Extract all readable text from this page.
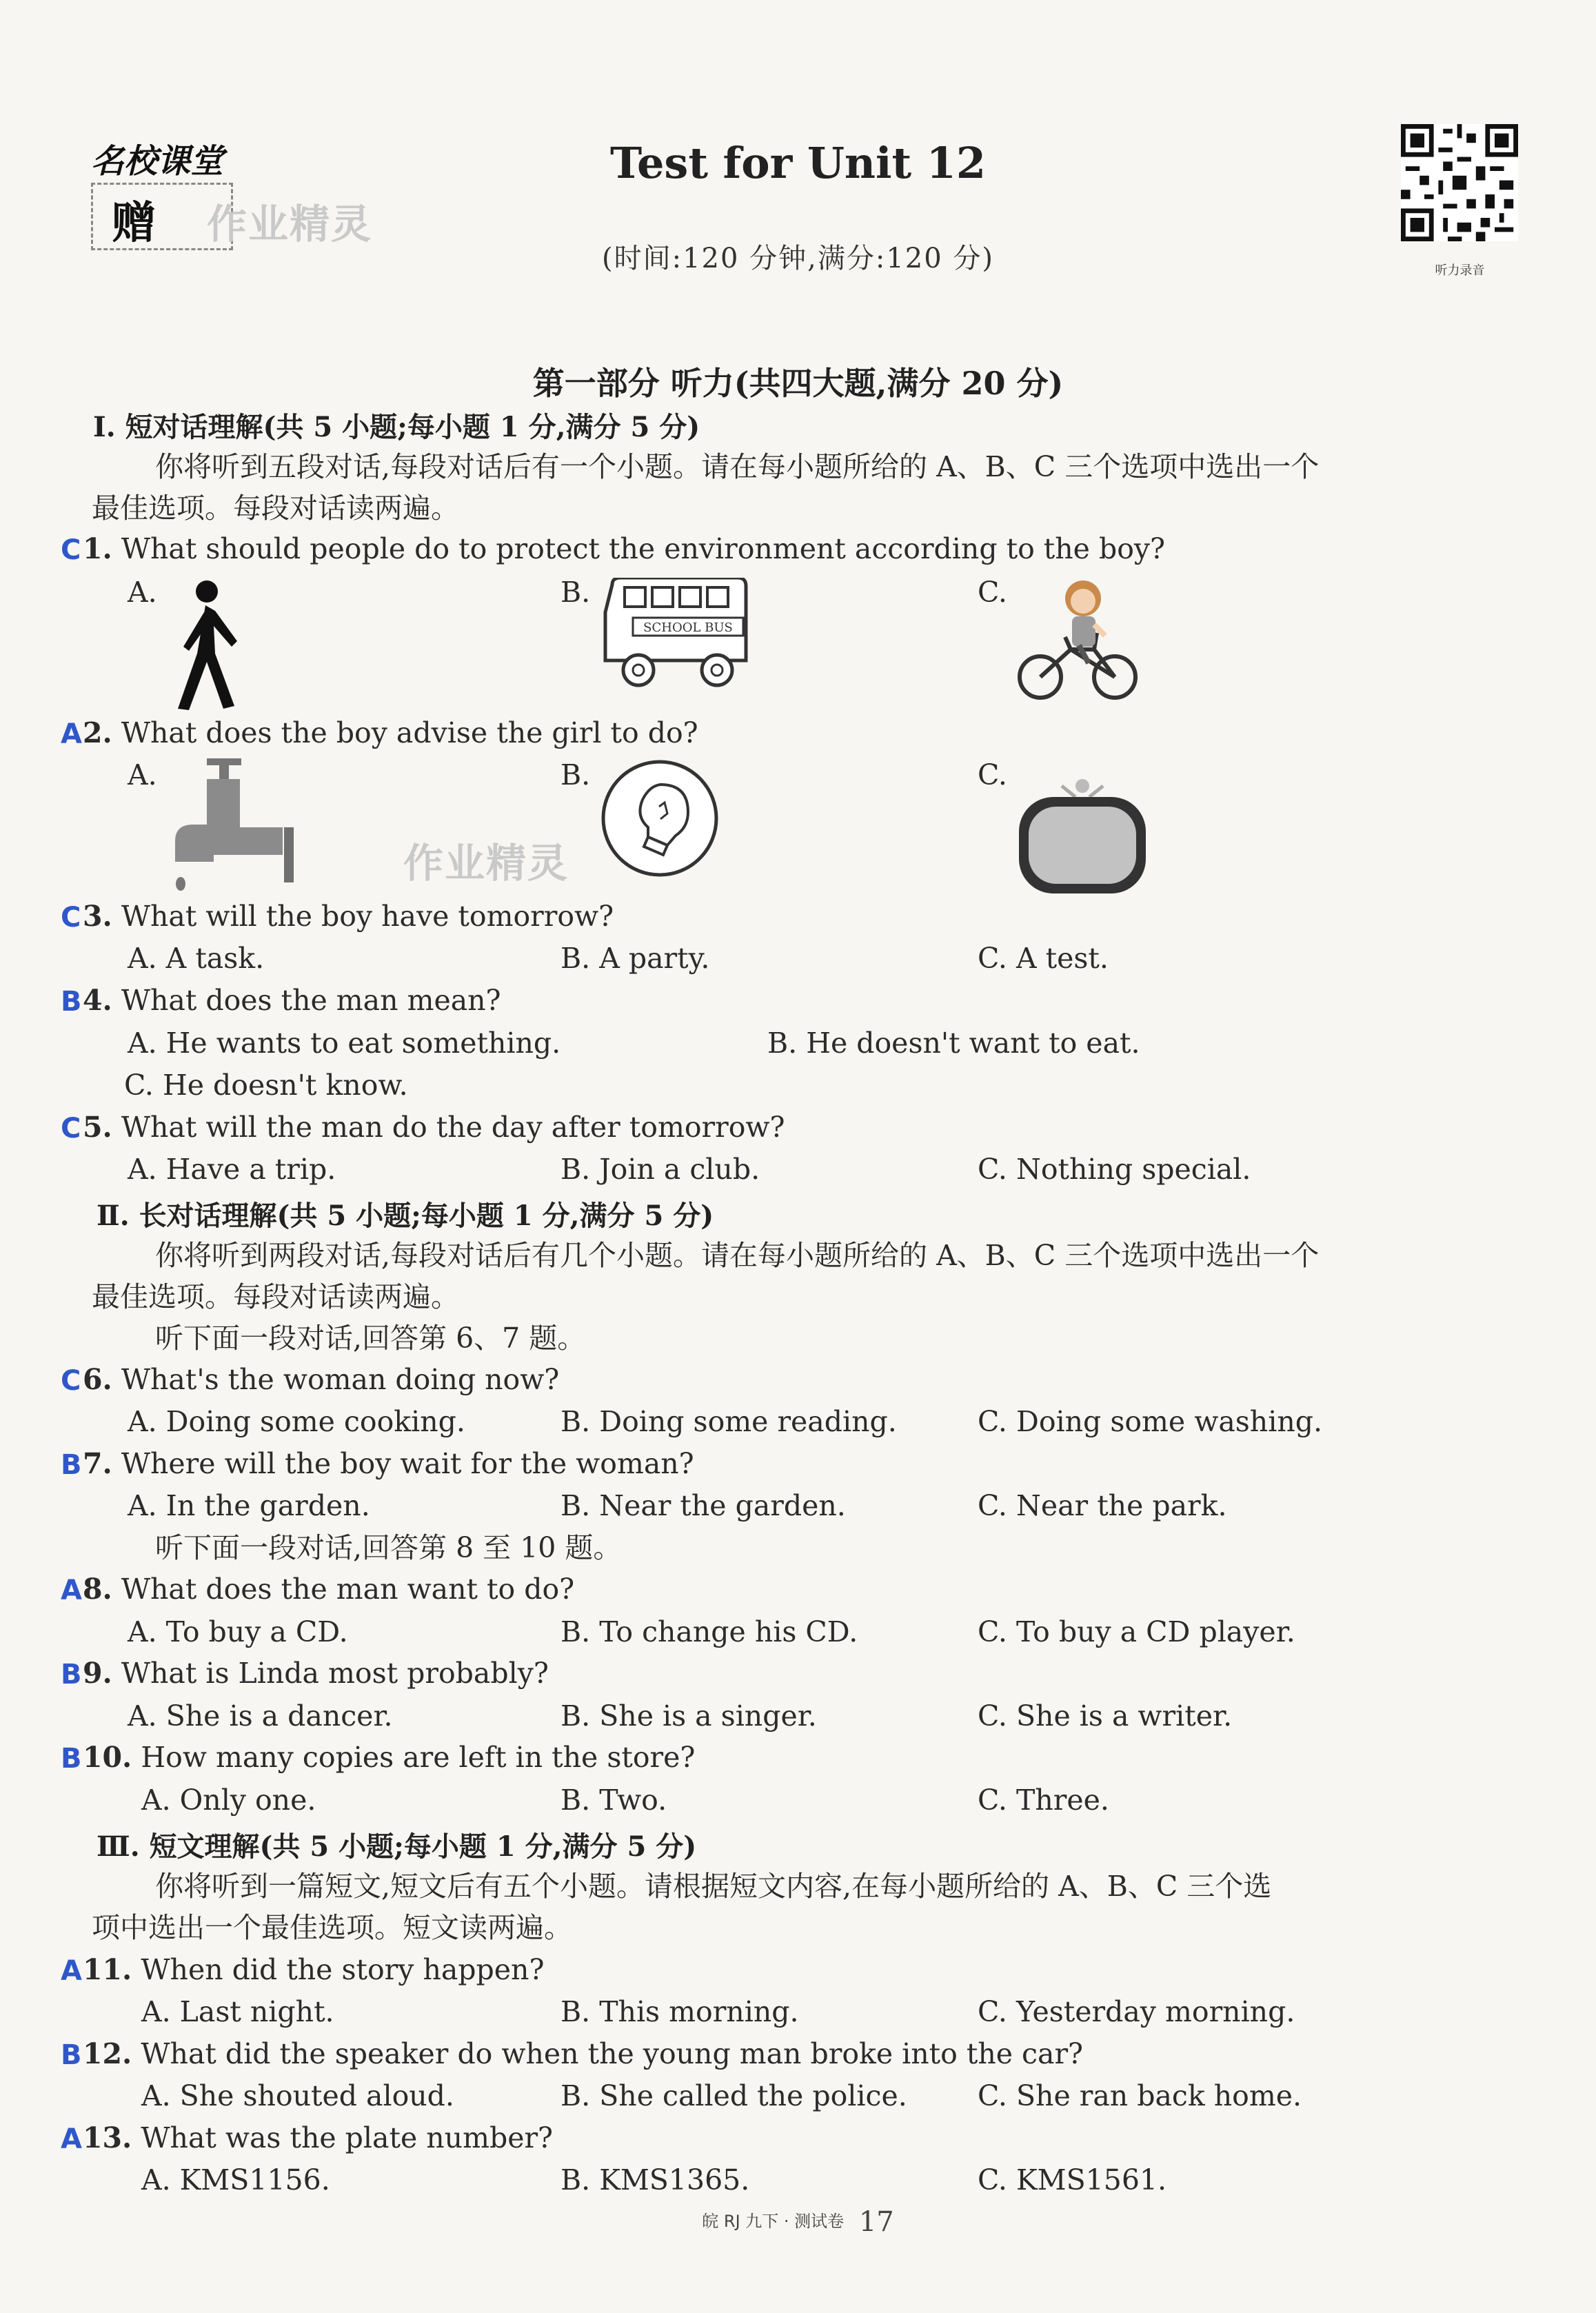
名校课堂
赠 作业精灵
Test for Unit 12
(时间:120 分钟,满分:120 分)	听力录音
第一部分 听力(共四大题,满分 20 分)
Ⅰ. 短对话理解(共 5 小题;每小题 1 分,满分 5 分)
你将听到五段对话,每段对话后有一个小题。请在每小题所给的 A、B、C 三个选项中选出一个
最佳选项。每段对话读两遍。
C 1. What should people do to protect the environment according to the boy?
A.	B.	C.
SCHOOL BUS
A 2. What does the boy advise the girl to do?
A.	B.	C.
作业精灵
C 3. What will the boy have tomorrow?
A. A task.	B. A party.	C. A test.
B 4. What does the man mean?
A. He wants to eat something.	B. He doesn't want to eat.
C. He doesn't know.
C 5. What will the man do the day after tomorrow?
A. Have a trip.	B. Join a club.	C. Nothing special.
Ⅱ. 长对话理解(共 5 小题;每小题 1 分,满分 5 分)
你将听到两段对话,每段对话后有几个小题。请在每小题所给的 A、B、C 三个选项中选出一个
最佳选项。每段对话读两遍。
听下面一段对话,回答第 6、7 题。
C 6. What's the woman doing now?
A. Doing some cooking.	B. Doing some reading.	C. Doing some washing.
B 7. Where will the boy wait for the woman?
A. In the garden.	B. Near the garden.	C. Near the park.
听下面一段对话,回答第 8 至 10 题。
A 8. What does the man want to do?
A. To buy a CD.	B. To change his CD.	C. To buy a CD player.
B 9. What is Linda most probably?
A. She is a dancer.	B. She is a singer.	C. She is a writer.
B 10. How many copies are left in the store?
A. Only one.	B. Two.	C. Three.
Ⅲ. 短文理解(共 5 小题;每小题 1 分,满分 5 分)
你将听到一篇短文,短文后有五个小题。请根据短文内容,在每小题所给的 A、B、C 三个选
项中选出一个最佳选项。短文读两遍。
A 11. When did the story happen?
A. Last night.	B. This morning.	C. Yesterday morning.
B 12. What did the speaker do when the young man broke into the car?
A. She shouted aloud.	B. She called the police. C. She ran back home.
A 13. What was the plate number?
A. KMS1156.	B. KMS1365.	C. KMS1561.
皖 RJ 九下 · 测试卷 17
